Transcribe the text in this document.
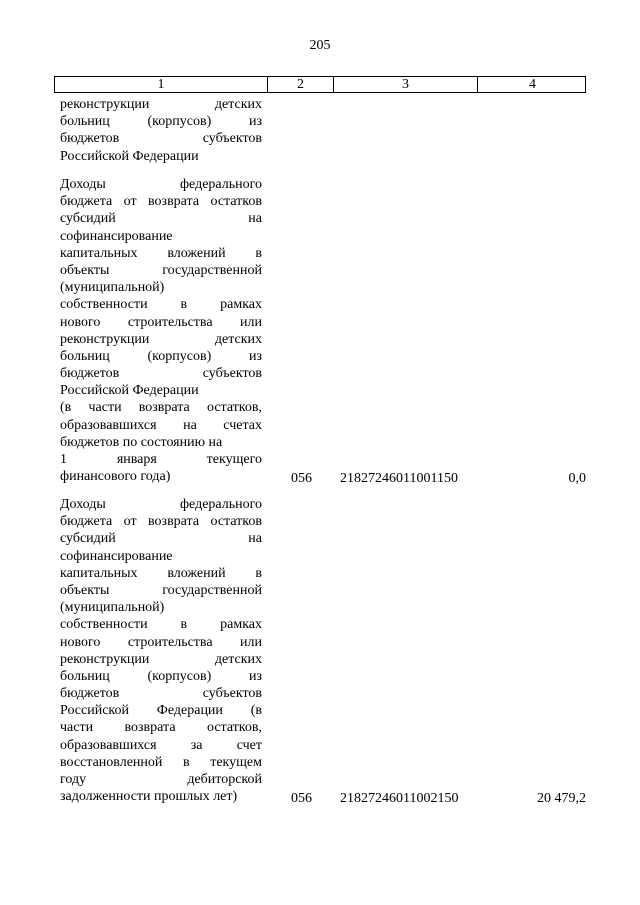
205
1	2	3	4
реконструкции детских
больниц (корпусов) из
бюджетов субъектов
Российской Федерации
Доходы федерального
бюджета от возврата остатков
субсидий на
софинансирование
капитальных вложений в
объекты государственной
(муниципальной)
собственности в рамках
нового строительства или
реконструкции детских
больниц (корпусов) из
бюджетов субъектов
Российской Федерации
(в части возврата остатков,
образовавшихся на счетах
бюджетов по состоянию на
1 января текущего
финансового года)	056 21827246011001150	0,0
Доходы федерального
бюджета от возврата остатков
субсидий на
софинансирование
капитальных вложений в
объекты государственной
(муниципальной)
собственности в рамках
нового строительства или
реконструкции детских
больниц (корпусов) из
бюджетов субъектов
Российской Федерации (в
части возврата остатков,
образовавшихся за счет
восстановленной в текущем
году дебиторской
задолженности прошлых лет)	056 21827246011002150	20 479,2
